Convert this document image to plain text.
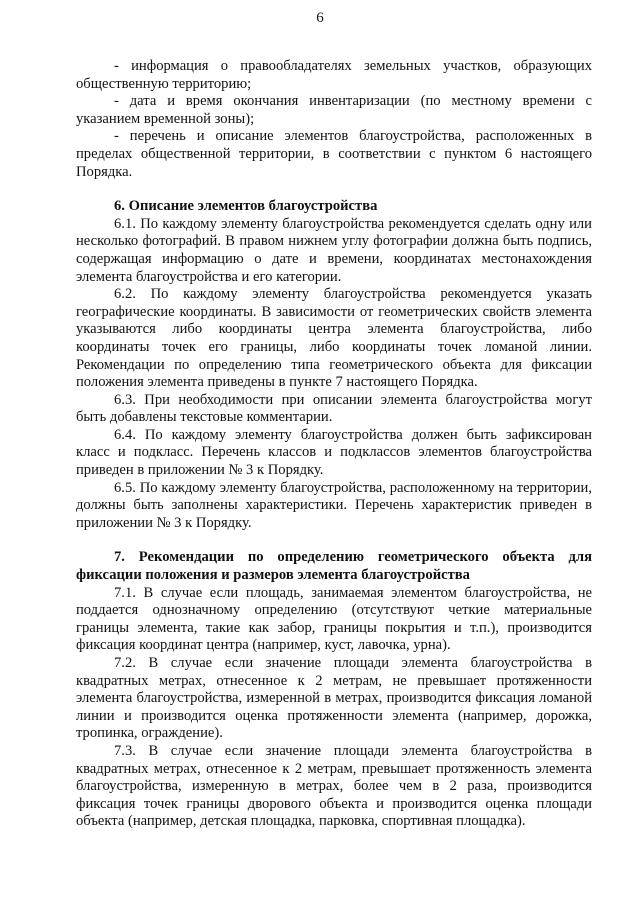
6

- информация о правообладателях земельных участков, образующих общественную территорию;

- дата и время окончания инвентаризации (по местному времени с указанием временной зоны);

- перечень и описание элементов благоустройства, расположенных в пределах общественной территории, в соответствии с пунктом 6 настоящего Порядка.

6. Описание элементов благоустройства

6.1. По каждому элементу благоустройства рекомендуется сделать одну или несколько фотографий. В правом нижнем углу фотографии должна быть подпись, содержащая информацию о дате и времени, координатах местонахождения элемента благоустройства и его категории.

6.2. По каждому элементу благоустройства рекомендуется указать географические координаты. В зависимости от геометрических свойств элемента указываются либо координаты центра элемента благоустройства, либо координаты точек его границы, либо координаты точек ломаной линии. Рекомендации по определению типа геометрического объекта для фиксации положения элемента приведены в пункте 7 настоящего Порядка.

6.3. При необходимости при описании элемента благоустройства могут быть добавлены текстовые комментарии.

6.4. По каждому элементу благоустройства должен быть зафиксирован класс и подкласс. Перечень классов и подклассов элементов благоустройства приведен в приложении № 3 к Порядку.

6.5. По каждому элементу благоустройства, расположенному на территории, должны быть заполнены характеристики. Перечень характеристик приведен в приложении № 3 к Порядку.

7. Рекомендации по определению геометрического объекта для фиксации положения и размеров элемента благоустройства

7.1. В случае если площадь, занимаемая элементом благоустройства, не поддается однозначному определению (отсутствуют четкие материальные границы элемента, такие как забор, границы покрытия и т.п.), производится фиксация координат центра (например, куст, лавочка, урна).

7.2. В случае если значение площади элемента благоустройства в квадратных метрах, отнесенное к 2 метрам, не превышает протяженности элемента благоустройства, измеренной в метрах, производится фиксация ломаной линии и производится оценка протяженности элемента (например, дорожка, тропинка, ограждение).

7.3. В случае если значение площади элемента благоустройства в квадратных метрах, отнесенное к 2 метрам, превышает протяженность элемента благоустройства, измеренную в метрах, более чем в 2 раза, производится фиксация точек границы дворового объекта и производится оценка площади объекта (например, детская площадка, парковка, спортивная площадка).
